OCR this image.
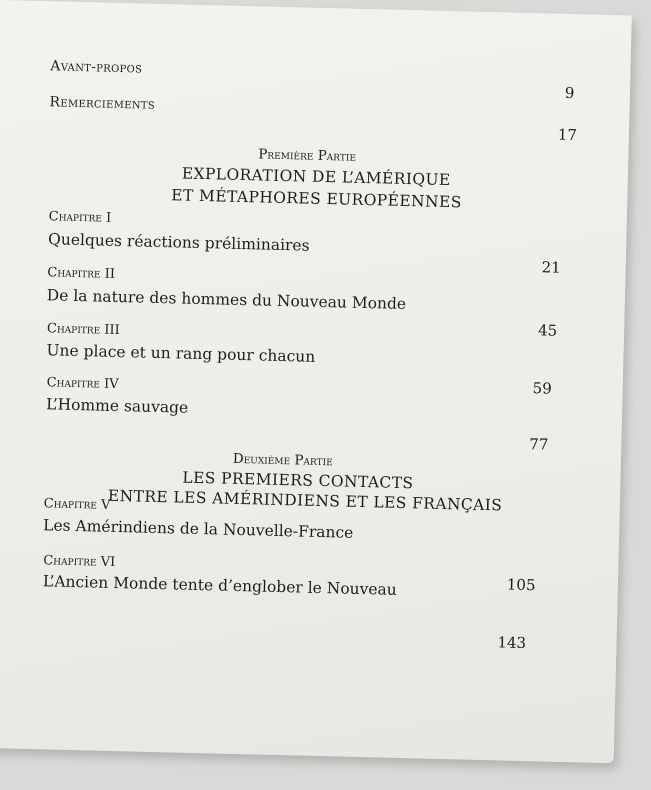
Avant-propos
9
Remerciements
17
Première Partie
EXPLORATION DE L’AMÉRIQUE
ET MÉTAPHORES EUROPÉENNES
Chapitre I
Quelques réactions préliminaires
21
Chapitre II
De la nature des hommes du Nouveau Monde
45
Chapitre III
Une place et un rang pour chacun
59
Chapitre IV
L’Homme sauvage
77
Deuxième Partie
LES PREMIERS CONTACTS
ENTRE LES AMÉRINDIENS ET LES FRANÇAIS
Chapitre V
Les Amérindiens de la Nouvelle-France
105
Chapitre VI
L’Ancien Monde tente d’englober le Nouveau
143
